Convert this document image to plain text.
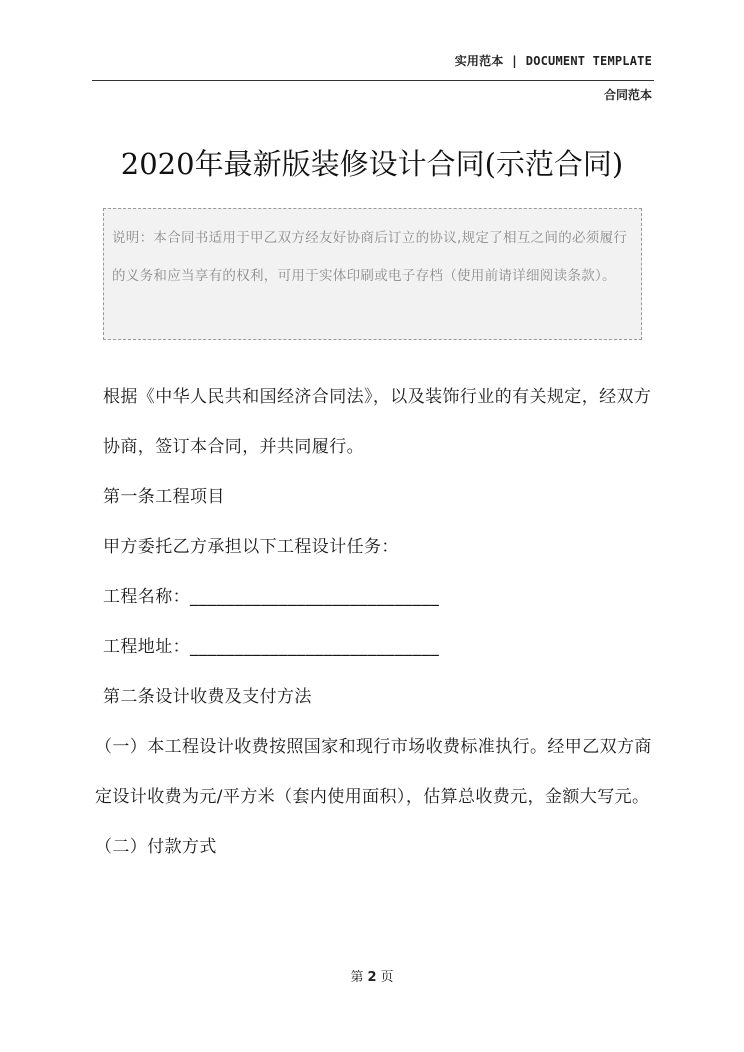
实用范本 | DOCUMENT TEMPLATE
合同范本
2020年最新版装修设计合同(示范合同)
说明：本合同书适用于甲乙双方经友好协商后订立的协议,规定了相互之间的必须履行的义务和应当享有的权利，可用于实体印刷或电子存档（使用前请详细阅读条款）。

根据《中华人民共和国经济合同法》，以及装饰行业的有关规定，经双方协商，签订本合同，并共同履行。

第一条工程项目

甲方委托乙方承担以下工程设计任务：

工程名称：____________________________

工程地址：____________________________

第二条设计收费及支付方法

（一）本工程设计收费按照国家和现行市场收费标准执行。经甲乙双方商定设计收费为元/平方米（套内使用面积），估算总收费元，金额大写元。

（二）付款方式

第 2 页
